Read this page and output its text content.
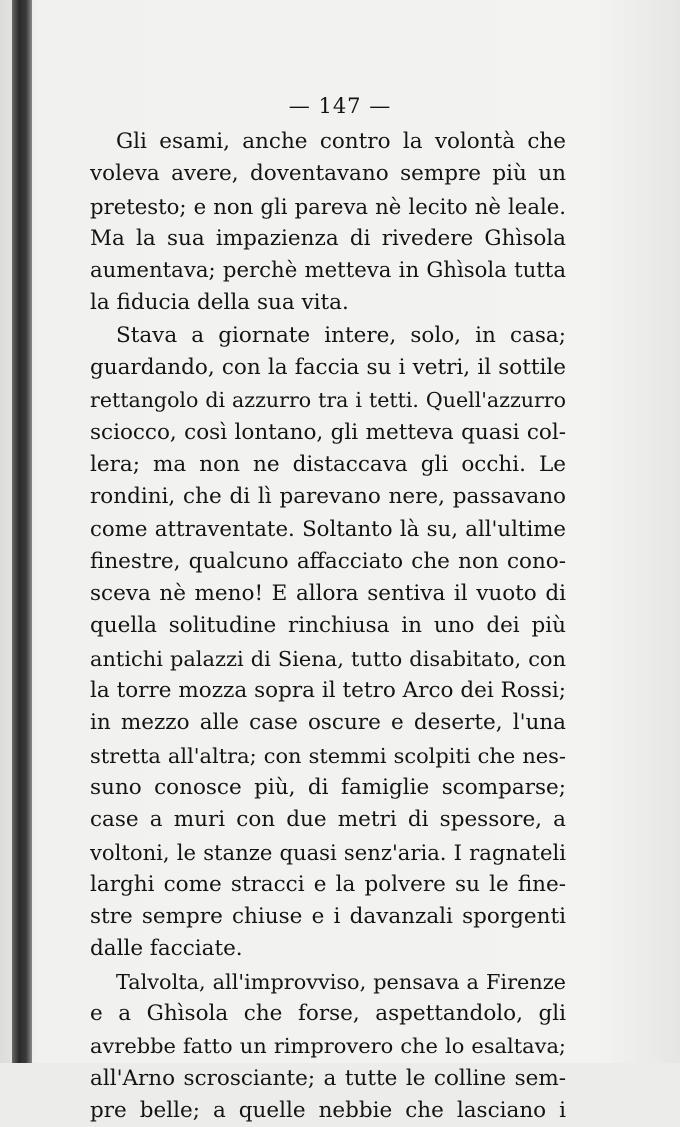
— 147 —
Gli esami, anche contro la volontà che
voleva avere, doventavano sempre più un
pretesto; e non gli pareva nè lecito nè leale.
Ma la sua impazienza di rivedere Ghìsola
aumentava; perchè metteva in Ghìsola tutta
la fiducia della sua vita.
Stava a giornate intere, solo, in casa;
guardando, con la faccia su i vetri, il sottile
rettangolo di azzurro tra i tetti. Quell'azzurro
sciocco, così lontano, gli metteva quasi col-
lera; ma non ne distaccava gli occhi. Le
rondini, che di lì parevano nere, passavano
come attraventate. Soltanto là su, all'ultime
finestre, qualcuno affacciato che non cono-
sceva nè meno! E allora sentiva il vuoto di
quella solitudine rinchiusa in uno dei più
antichi palazzi di Siena, tutto disabitato, con
la torre mozza sopra il tetro Arco dei Rossi;
in mezzo alle case oscure e deserte, l'una
stretta all'altra; con stemmi scolpiti che nes-
suno conosce più, di famiglie scomparse;
case a muri con due metri di spessore, a
voltoni, le stanze quasi senz'aria. I ragnateli
larghi come stracci e la polvere su le fine-
stre sempre chiuse e i davanzali sporgenti
dalle facciate.
Talvolta, all'improvviso, pensava a Firenze
e a Ghìsola che forse, aspettandolo, gli
avrebbe fatto un rimprovero che lo esaltava;
all'Arno scrosciante; a tutte le colline sem-
pre belle; a quelle nebbie che lasciano i
